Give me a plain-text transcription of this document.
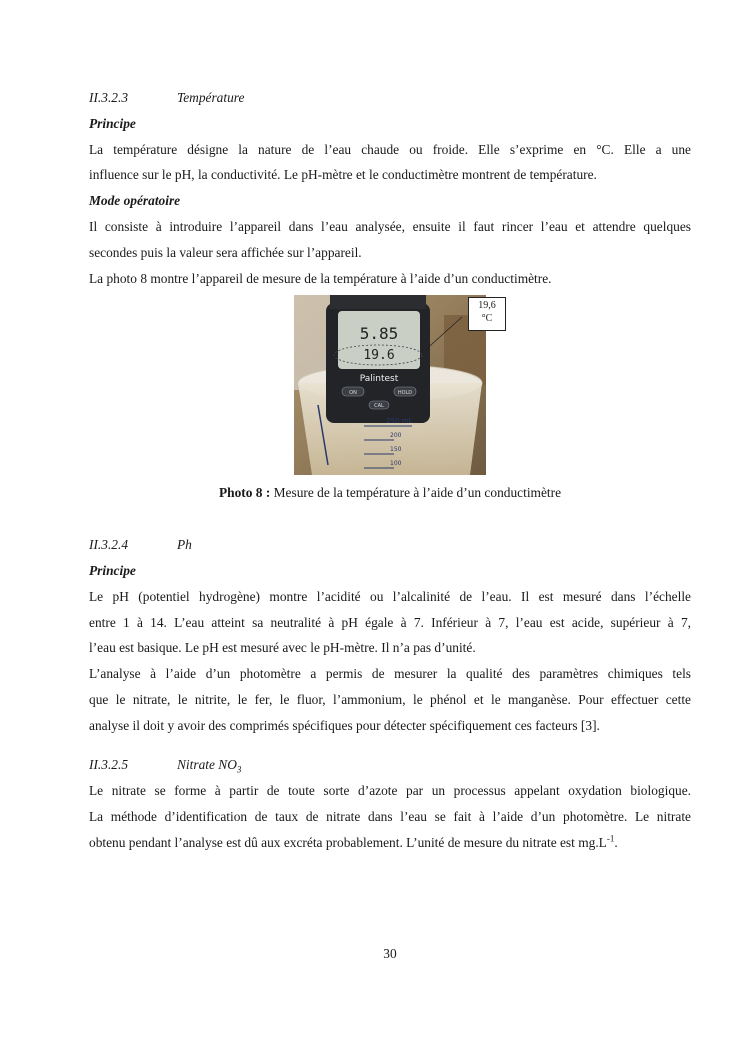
II.3.2.3	Température
Principe
La température désigne la nature de l’eau chaude ou froide. Elle s’exprime en °C. Elle a une
influence sur le pH, la conductivité. Le pH-mètre et le conductimètre montrent de température.
Mode opératoire
Il consiste à introduire l’appareil dans l’eau analysée, ensuite il faut rincer l’eau et attendre quelques
secondes puis la valeur sera affichée sur l’appareil.
La photo 8 montre l’appareil de mesure de la température à l’aide d’un conductimètre.
5.85
19.6
Palintest
ON	HOLD
CAL
250 mL
200
150
100
19,6
°C
Photo 8 : Mesure de la température à l’aide d’un conductimètre
II.3.2.4	Ph
Principe
Le pH (potentiel hydrogène) montre l’acidité ou l’alcalinité de l’eau. Il est mesuré dans l’échelle
entre 1 à 14. L’eau atteint sa neutralité à pH égale à 7. Inférieur à 7, l’eau est acide, supérieur à 7,
l’eau est basique. Le pH est mesuré avec le pH-mètre. Il n’a pas d’unité.
L’analyse à l’aide d’un photomètre a permis de mesurer la qualité des paramètres chimiques tels
que le nitrate, le nitrite, le fer, le fluor, l’ammonium, le phénol et le manganèse. Pour effectuer cette
analyse il doit y avoir des comprimés spécifiques pour détecter spécifiquement ces facteurs [3].
II.3.2.5	Nitrate $NO_3$
Le nitrate se forme à partir de toute sorte d’azote par un processus appelant oxydation biologique.
La méthode d’identification de taux de nitrate dans l’eau se fait à l’aide d’un photomètre. Le nitrate
obtenu pendant l’analyse est dû aux excréta probablement. L’unité de mesure du nitrate est $mg.L^{-1}$.
30
